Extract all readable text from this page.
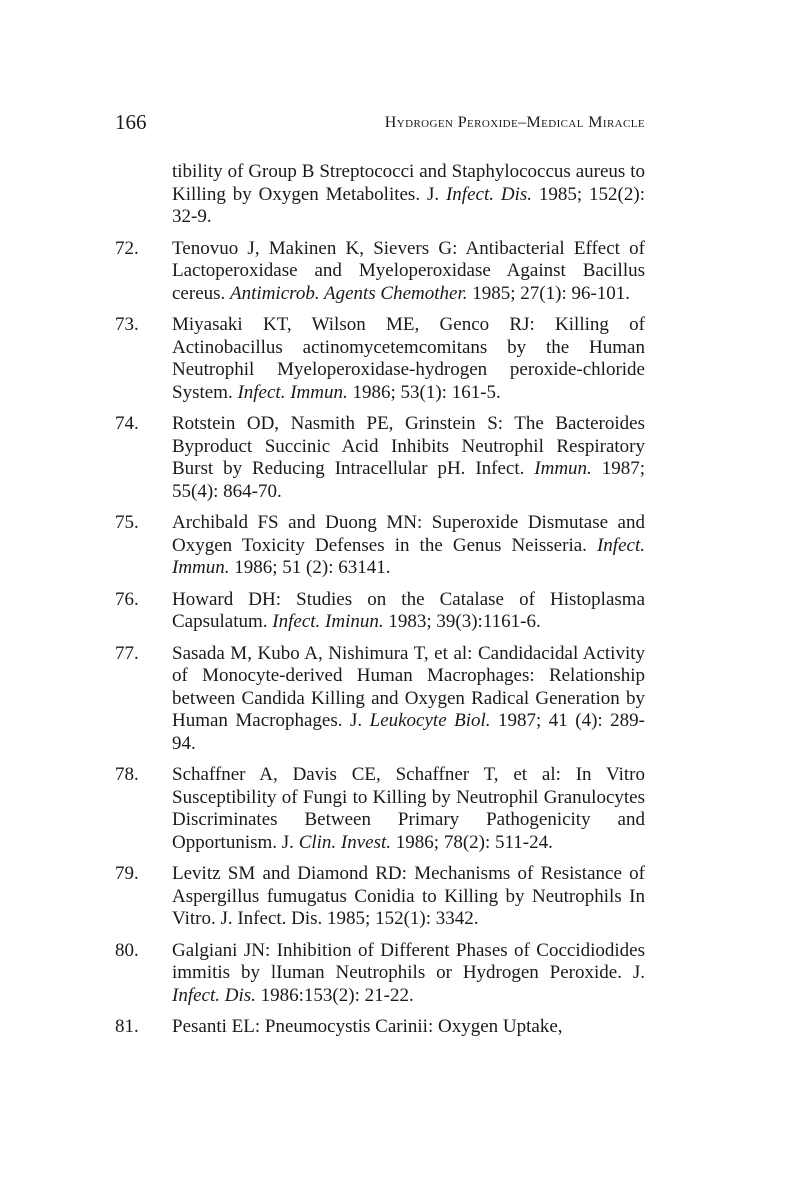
166	Hydrogen Peroxide–Medical Miracle
tibility of Group B Streptococci and Staphylococcus aureus to Killing by Oxygen Metabolites. J. Infect. Dis. 1985; 152(2): 32-9.
72.	Tenovuo J, Makinen K, Sievers G: Antibacterial Effect of Lactoperoxidase and Myeloperoxidase Against Bacillus cereus. Antimicrob. Agents Chemother. 1985; 27(1): 96-101.
73.	Miyasaki KT, Wilson ME, Genco RJ: Killing of Actinobacillus actinomycetemcomitans by the Human Neutrophil Myeloperoxidase-hydrogen peroxide-chloride System. Infect. Immun. 1986; 53(1): 161-5.
74.	Rotstein OD, Nasmith PE, Grinstein S: The Bacteroides Byproduct Succinic Acid Inhibits Neutrophil Respiratory Burst by Reducing Intracellular pH. Infect. Immun. 1987; 55(4): 864-70.
75.	Archibald FS and Duong MN: Superoxide Dismutase and Oxygen Toxicity Defenses in the Genus Neisseria. Infect. Immun. 1986; 51 (2): 63141.
76.	Howard DH: Studies on the Catalase of Histoplasma Capsulatum. Infect. Iminun. 1983; 39(3):1161-6.
77.	Sasada M, Kubo A, Nishimura T, et al: Candidacidal Activity of Monocyte-derived Human Macrophages: Relationship between Candida Killing and Oxygen Radical Generation by Human Macrophages. J. Leukocyte Biol. 1987; 41 (4): 289-94.
78.	Schaffner A, Davis CE, Schaffner T, et al: In Vitro Susceptibility of Fungi to Killing by Neutrophil Granulocytes Discriminates Between Primary Pathogenicity and Opportunism. J. Clin. Invest. 1986; 78(2): 511-24.
79.	Levitz SM and Diamond RD: Mechanisms of Resistance of Aspergillus fumugatus Conidia to Killing by Neutrophils In Vitro. J. Infect. Dis. 1985; 152(1): 3342.
80.	Galgiani JN: Inhibition of Different Phases of Coccidiodides immitis by lIuman Neutrophils or Hydrogen Peroxide. J. Infect. Dis. 1986:153(2): 21-22.
81.	Pesanti EL: Pneumocystis Carinii: Oxygen Uptake,
